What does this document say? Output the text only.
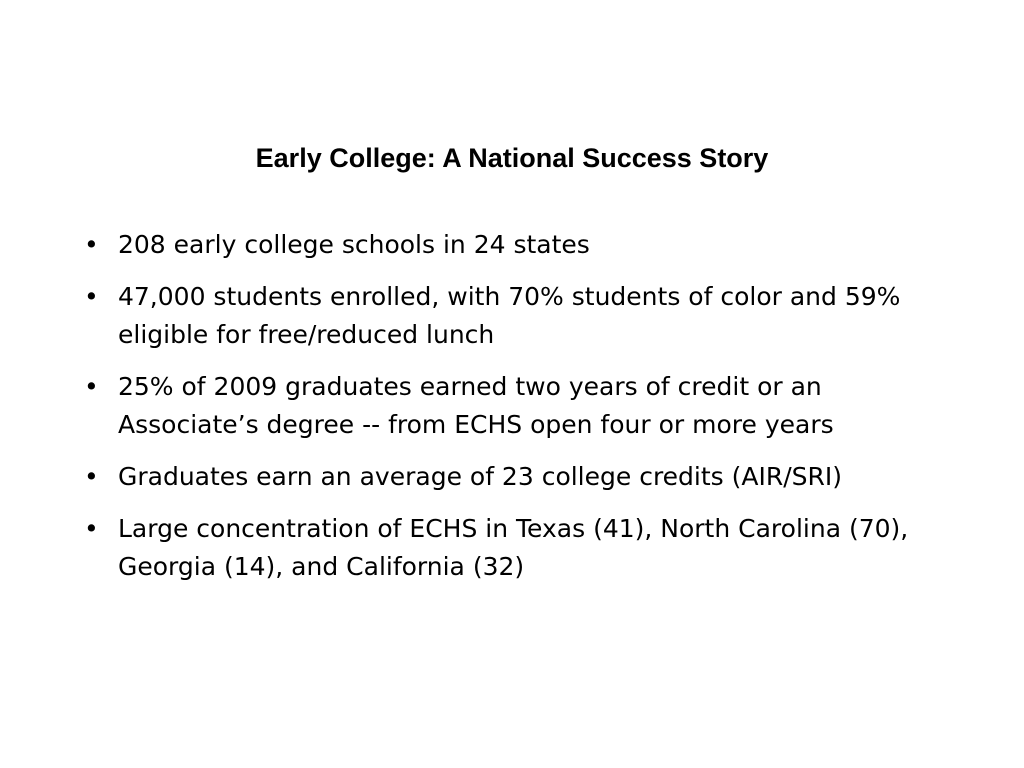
Early College: A National Success Story
• 208 early college schools in 24 states
• 47,000 students enrolled, with 70% students of color and 59% eligible for free/reduced lunch
• 25% of 2009 graduates earned two years of credit or an Associate’s degree -- from ECHS open four or more years
• Graduates earn an average of 23 college credits (AIR/SRI)
• Large concentration of ECHS in Texas (41), North Carolina (70), Georgia (14), and California (32)
